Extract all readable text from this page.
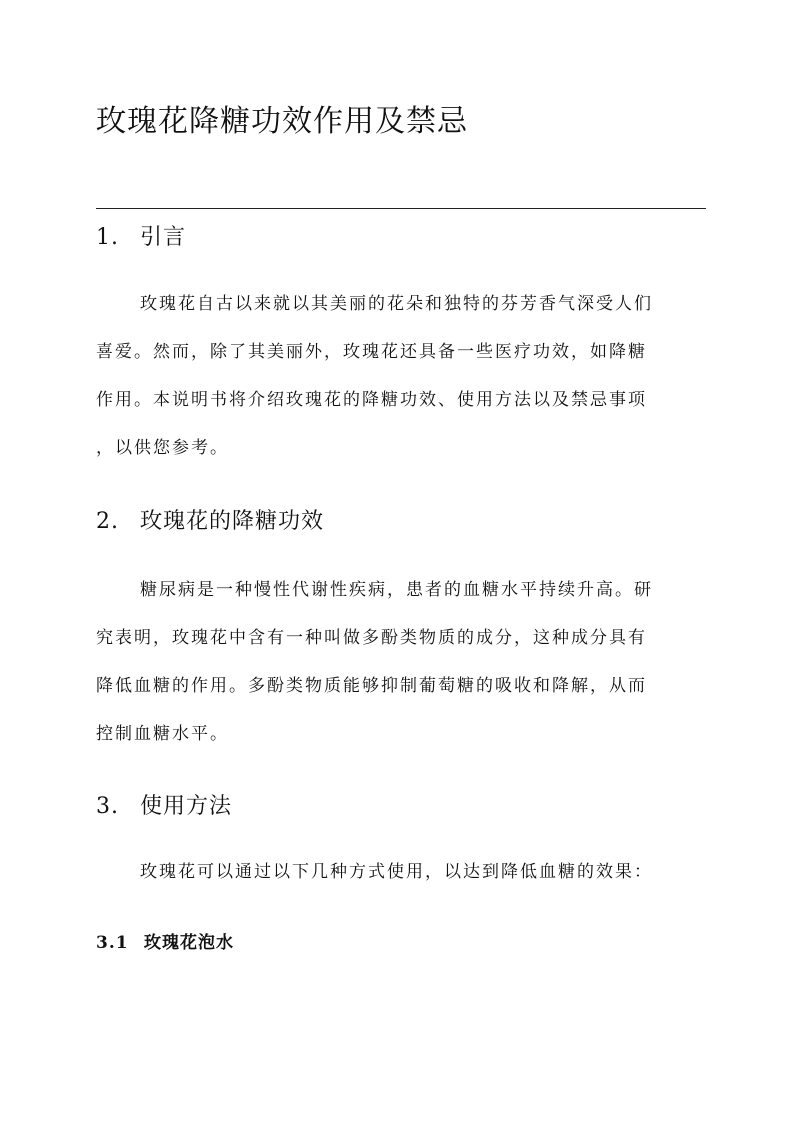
玫瑰花降糖功效作用及禁忌
1. 引言
玫瑰花自古以来就以其美丽的花朵和独特的芬芳香气深受人们
喜爱。然而，除了其美丽外，玫瑰花还具备一些医疗功效，如降糖
作用。本说明书将介绍玫瑰花的降糖功效、使用方法以及禁忌事项
，以供您参考。
2. 玫瑰花的降糖功效
糖尿病是一种慢性代谢性疾病，患者的血糖水平持续升高。研
究表明，玫瑰花中含有一种叫做多酚类物质的成分，这种成分具有
降低血糖的作用。多酚类物质能够抑制葡萄糖的吸收和降解，从而
控制血糖水平。
3. 使用方法
玫瑰花可以通过以下几种方式使用，以达到降低血糖的效果：
3.1 玫瑰花泡水
